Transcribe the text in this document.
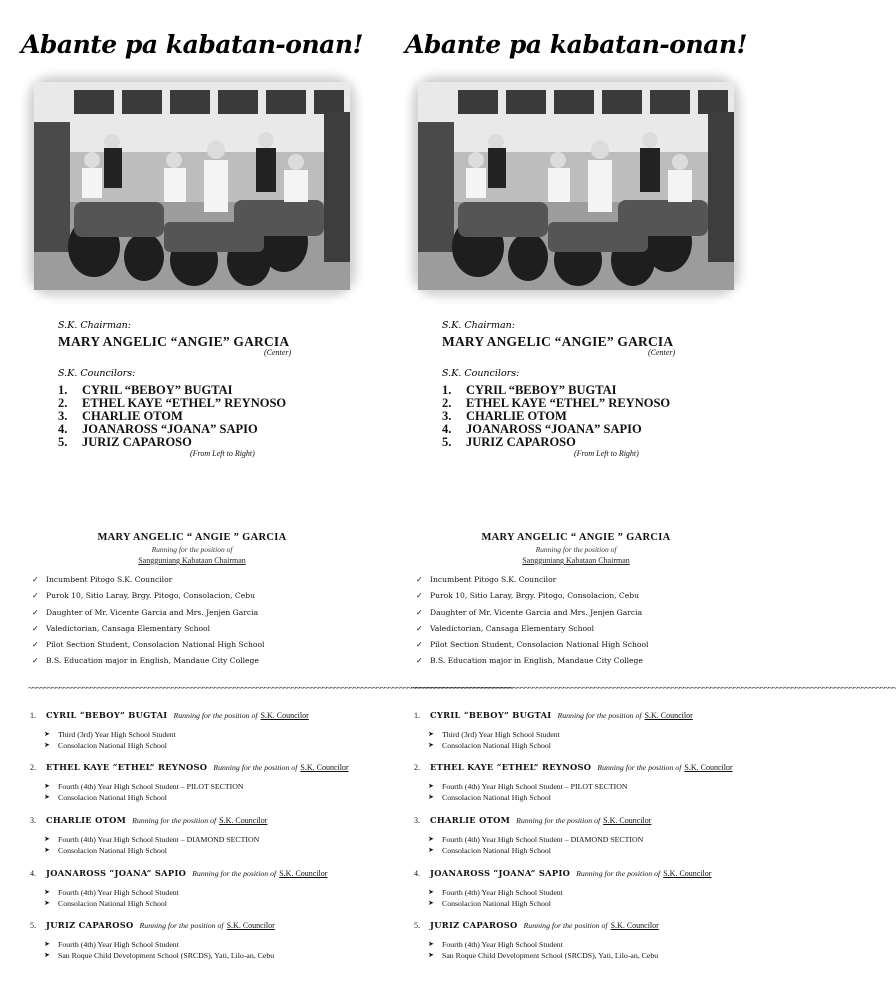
Abante pa kabatan-onan!
S.K. Chairman:
MARY ANGELIC “ANGIE” GARCIA
(Center)
S.K. Councilors:
1.	CYRIL “BEBOY” BUGTAI
2.	ETHEL KAYE “ETHEL” REYNOSO
3.	CHARLIE OTOM
4.	JOANAROSS “JOANA” SAPIO
5.	JURIZ CAPAROSO
(From Left to Right)
MARY ANGELIC “ ANGIE ” GARCIA
Running for the position of
Sangguniang Kabataan Chairman
✓ Incumbent Pitogo S.K. Councilor
✓ Purok 10, Sitio Laray, Brgy. Pitogo, Consolacion, Cebu
✓ Daughter of Mr. Vicente Garcia and Mrs. Jenjen Garcia
✓ Valedictorian, Cansaga Elementary School
✓ Pilot Section Student, Consolacion National High School
✓ B.S. Education major in English, Mandaue City College
~~~~~~~~~~~~~~~~~~~~~~~~~~~~~~~~~~~~~~~~~~~~~~~~~~~~~~~~~~~~~~~~~~~~~~~~~~~~~~~~~~~~~~~~~~~~~~~~~~~~~~~~~~~~~~~~~~~~~~~~~~~~~
1.	CYRIL “BEBOY” BUGTAI Running for the position of S.K. Councilor
➤	Third (3rd) Year High School Student
➤	Consolacion National High School
2.	ETHEL KAYE “ETHEL” REYNOSO Running for the position of S.K. Councilor
➤	Fourth (4th) Year High School Student – PILOT SECTION
➤	Consolacion National High School
3.	CHARLIE OTOM Running for the position of S.K. Councilor
➤	Fourth (4th) Year High School Student – DIAMOND SECTION
➤	Consolacion National High School
4.	JOANAROSS “JOANA” SAPIO Running for the position of S.K. Councilor
➤	Fourth (4th) Year High School Student
➤	Consolacion National High School
5.	JURIZ CAPAROSO Running for the position of S.K. Councilor
➤	Fourth (4th) Year High School Student
➤	San Roque Child Development School (SRCDS), Yati, Lilo-an, Cebu
Abante pa kabatan-onan!
S.K. Chairman:
MARY ANGELIC “ANGIE” GARCIA
(Center)
S.K. Councilors:
1.	CYRIL “BEBOY” BUGTAI
2.	ETHEL KAYE “ETHEL” REYNOSO
3.	CHARLIE OTOM
4.	JOANAROSS “JOANA” SAPIO
5.	JURIZ CAPAROSO
(From Left to Right)
MARY ANGELIC “ ANGIE ” GARCIA
Running for the position of
Sangguniang Kabataan Chairman
✓ Incumbent Pitogo S.K. Councilor
✓ Purok 10, Sitio Laray, Brgy. Pitogo, Consolacion, Cebu
✓ Daughter of Mr. Vicente Garcia and Mrs. Jenjen Garcia
✓ Valedictorian, Cansaga Elementary School
✓ Pilot Section Student, Consolacion National High School
✓ B.S. Education major in English, Mandaue City College
~~~~~~~~~~~~~~~~~~~~~~~~~~~~~~~~~~~~~~~~~~~~~~~~~~~~~~~~~~~~~~~~~~~~~~~~~~~~~~~~~~~~~~~~~~~~~~~~~~~~~~~~~~~~~~~~~~~~~~~~~~~~~
1.	CYRIL “BEBOY” BUGTAI Running for the position of S.K. Councilor
➤	Third (3rd) Year High School Student
➤	Consolacion National High School
2.	ETHEL KAYE “ETHEL” REYNOSO Running for the position of S.K. Councilor
➤	Fourth (4th) Year High School Student – PILOT SECTION
➤	Consolacion National High School
3.	CHARLIE OTOM Running for the position of S.K. Councilor
➤	Fourth (4th) Year High School Student – DIAMOND SECTION
➤	Consolacion National High School
4.	JOANAROSS “JOANA” SAPIO Running for the position of S.K. Councilor
➤	Fourth (4th) Year High School Student
➤	Consolacion National High School
5.	JURIZ CAPAROSO Running for the position of S.K. Councilor
➤	Fourth (4th) Year High School Student
➤	San Roque Child Development School (SRCDS), Yati, Lilo-an, Cebu
